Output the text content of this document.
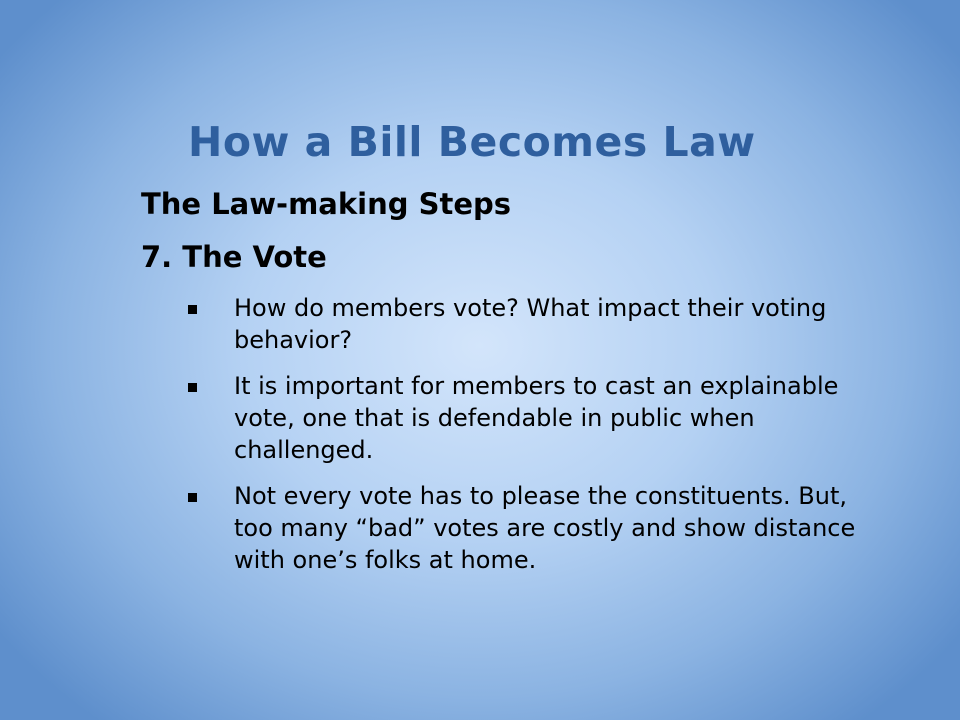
How a Bill Becomes Law
The Law-making Steps
7. The Vote
How do members vote? What impact their voting behavior?
It is important for members to cast an explainable vote, one that is defendable in public when challenged.
Not every vote has to please the constituents. But, too many “bad” votes are costly and show distance with one’s folks at home.
